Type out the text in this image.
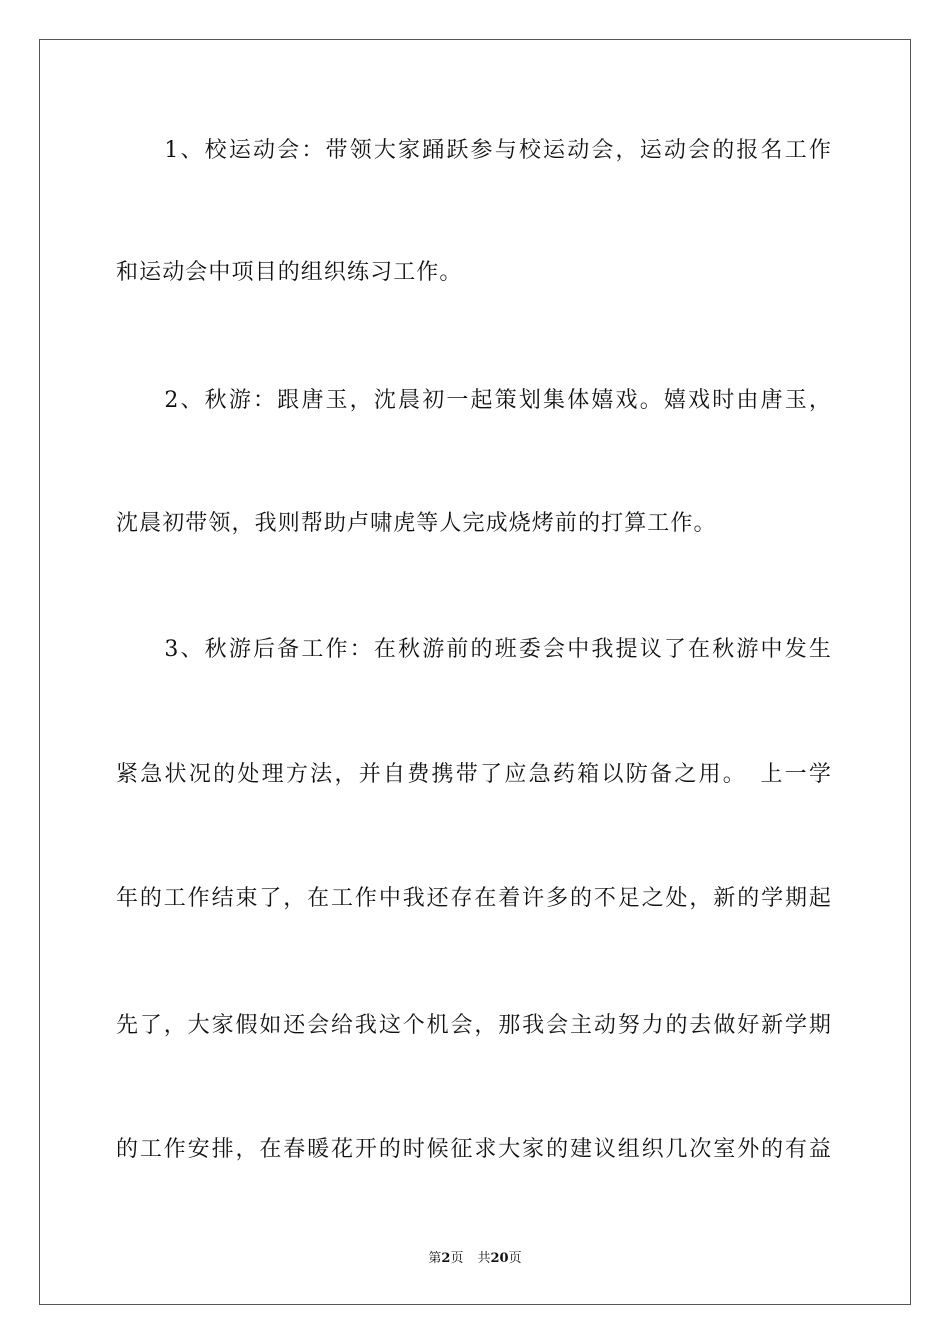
　　1、校运动会：带领大家踊跃参与校运动会，运动会的报名工作
和运动会中项目的组织练习工作。
　　2、秋游：跟唐玉，沈晨初一起策划集体嬉戏。嬉戏时由唐玉，
沈晨初带领，我则帮助卢啸虎等人完成烧烤前的打算工作。
　　3、秋游后备工作：在秋游前的班委会中我提议了在秋游中发生
紧急状况的处理方法，并自费携带了应急药箱以防备之用。　上一学
年的工作结束了，在工作中我还存在着许多的不足之处，新的学期起
先了，大家假如还会给我这个机会，那我会主动努力的去做好新学期
的工作安排，在春暖花开的时候征求大家的建议组织几次室外的有益
第2页 共20页
